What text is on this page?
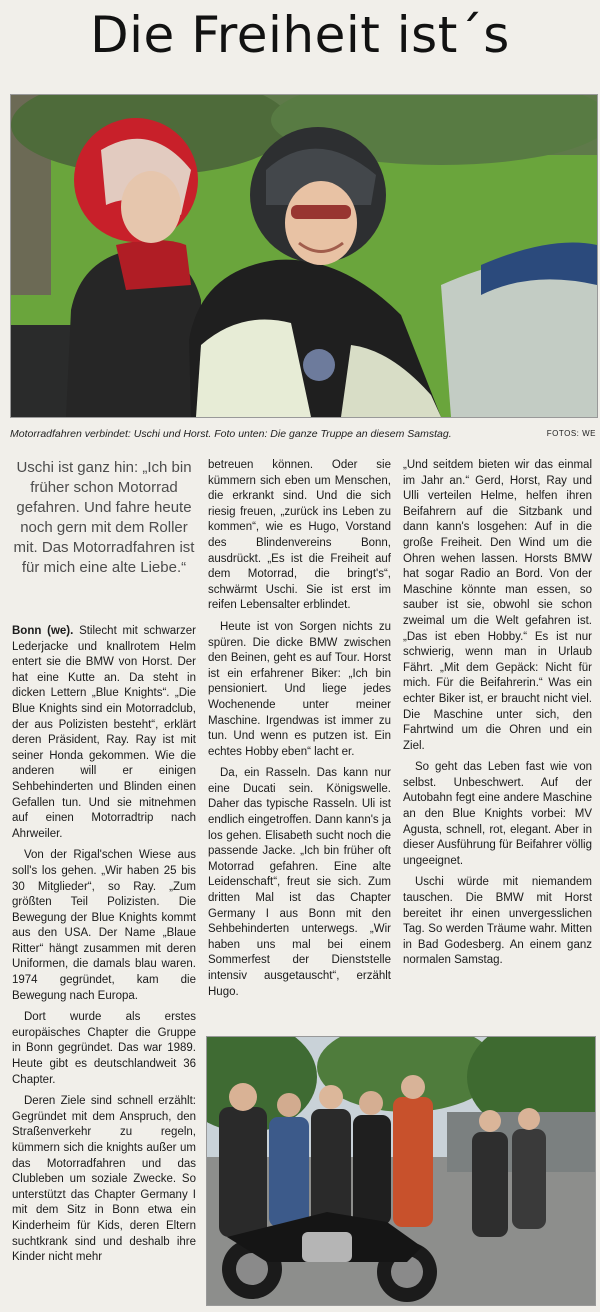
Die Freiheit ist´s
Motorradfahren verbindet: Uschi und Horst. Foto unten: Die ganze Truppe an diesem Samstag.	FOTOS: WE
Uschi ist ganz hin: „Ich bin früher schon Motorrad gefahren. Und fahre heute noch gern mit dem Roller mit. Das Motorradfahren ist für mich eine alte Liebe.“

Bonn (we). Stilecht mit schwarzer Lederjacke und knallrotem Helm entert sie die BMW von Horst. Der hat eine Kutte an. Da steht in dicken Lettern „Blue Knights“. „Die Blue Knights sind ein Motorradclub, der aus Polizisten besteht“, erklärt deren Präsident, Ray. Ray ist mit seiner Honda gekommen. Wie die anderen will er einigen Sehbehinderten und Blinden einen Gefallen tun. Und sie mitnehmen auf einen Motorradtrip nach Ahrweiler.

Von der Rigal'schen Wiese aus soll's los gehen. „Wir haben 25 bis 30 Mitglieder“, so Ray. „Zum größten Teil Polizisten. Die Bewegung der Blue Knights kommt aus den USA. Der Name „Blaue Ritter“ hängt zusammen mit deren Uniformen, die damals blau waren. 1974 gegründet, kam die Bewegung nach Europa.

Dort wurde als erstes europäisches Chapter die Gruppe in Bonn gegründet. Das war 1989. Heute gibt es deutschlandweit 36 Chapter.

Deren Ziele sind schnell erzählt: Gegründet mit dem Anspruch, den Straßenverkehr zu regeln, kümmern sich die knights außer um das Motorradfahren und das Clubleben um soziale Zwecke. So unterstützt das Chapter Germany I mit dem Sitz in Bonn etwa ein Kinderheim für Kids, deren Eltern suchtkrank sind und deshalb ihre Kinder nicht mehr

betreuen können. Oder sie kümmern sich eben um Menschen, die erkrankt sind. Und die sich riesig freuen, „zurück ins Leben zu kommen“, wie es Hugo, Vorstand des Blindenvereins Bonn, ausdrückt. „Es ist die Freiheit auf dem Motorrad, die bringt's“, schwärmt Uschi. Sie ist erst im reifen Lebensalter erblindet.

Heute ist von Sorgen nichts zu spüren. Die dicke BMW zwischen den Beinen, geht es auf Tour. Horst ist ein erfahrener Biker: „Ich bin pensioniert. Und liege jedes Wochenende unter meiner Maschine. Irgendwas ist immer zu tun. Und wenn es putzen ist. Ein echtes Hobby eben“ lacht er.

Da, ein Rasseln. Das kann nur eine Ducati sein. Königswelle. Daher das typische Rasseln. Uli ist endlich eingetroffen. Dann kann's ja los gehen. Elisabeth sucht noch die passende Jacke. „Ich bin früher oft Motorrad gefahren. Eine alte Leidenschaft“, freut sie sich. Zum dritten Mal ist das Chapter Germany I aus Bonn mit den Sehbehinderten unterwegs. „Wir haben uns mal bei einem Sommerfest der Dienststelle intensiv ausgetauscht“, erzählt Hugo.

„Und seitdem bieten wir das einmal im Jahr an.“ Gerd, Horst, Ray und Ulli verteilen Helme, helfen ihren Beifahrern auf die Sitzbank und dann kann's losgehen: Auf in die große Freiheit. Den Wind um die Ohren wehen lassen. Horsts BMW hat sogar Radio an Bord. Von der Maschine könnte man essen, so sauber ist sie, obwohl sie schon zweimal um die Welt gefahren ist. „Das ist eben Hobby.“ Es ist nur schwierig, wenn man in Urlaub Fährt. „Mit dem Gepäck: Nicht für mich. Für die Beifahrerin.“ Was ein echter Biker ist, er braucht nicht viel. Die Maschine unter sich, den Fahrtwind um die Ohren und ein Ziel.

So geht das Leben fast wie von selbst. Unbeschwert. Auf der Autobahn fegt eine andere Maschine an den Blue Knights vorbei: MV Agusta, schnell, rot, elegant. Aber in dieser Ausführung für Beifahrer völlig ungeeignet.

Uschi würde mit niemandem tauschen. Die BMW mit Horst bereitet ihr einen unvergesslichen Tag. So werden Träume wahr. Mitten in Bad Godesberg. An einem ganz normalen Samstag.
